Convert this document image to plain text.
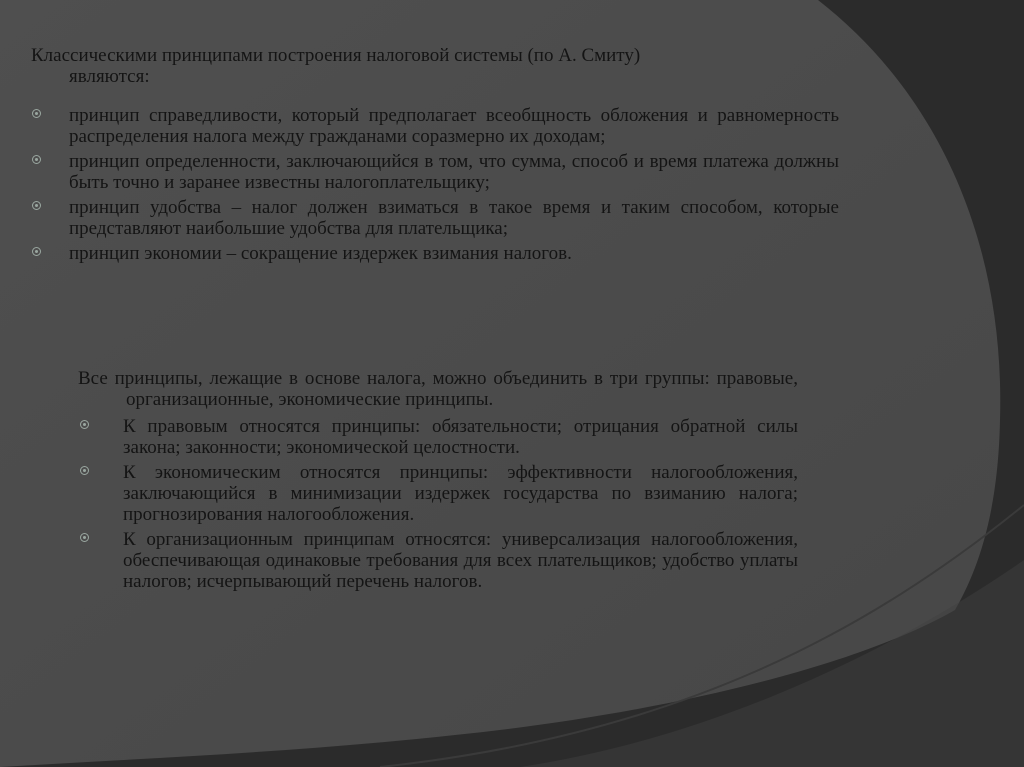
Классическими принципами построения налоговой системы (по А. Смиту)

являются:

принцип справедливости, который предполагает всеобщность обложения и равномерность распределения налога между гражданами соразмерно их доходам;
принцип определенности, заключающийся в том, что сумма, способ и время платежа должны быть точно и заранее известны налогоплательщику;
принцип удобства – налог должен взиматься в такое время и таким способом, которые представляют наибольшие удобства для плательщика;
принцип экономии – сокращение издержек взимания налогов.

Все принципы, лежащие в основе налога, можно объединить в три группы: правовые, организационные, экономические принципы.

К правовым относятся принципы: обязательности; отрицания обратной силы закона; законности; экономической целостности.
К экономическим относятся принципы: эффективности налогообложения, заключающийся в минимизации издержек государства по взиманию налога; прогнозирования налогообложения.
К организационным принципам относятся: универсализация налогообложения, обеспечивающая одинаковые требования для всех плательщиков; удобство уплаты налогов; исчерпывающий перечень налогов.
